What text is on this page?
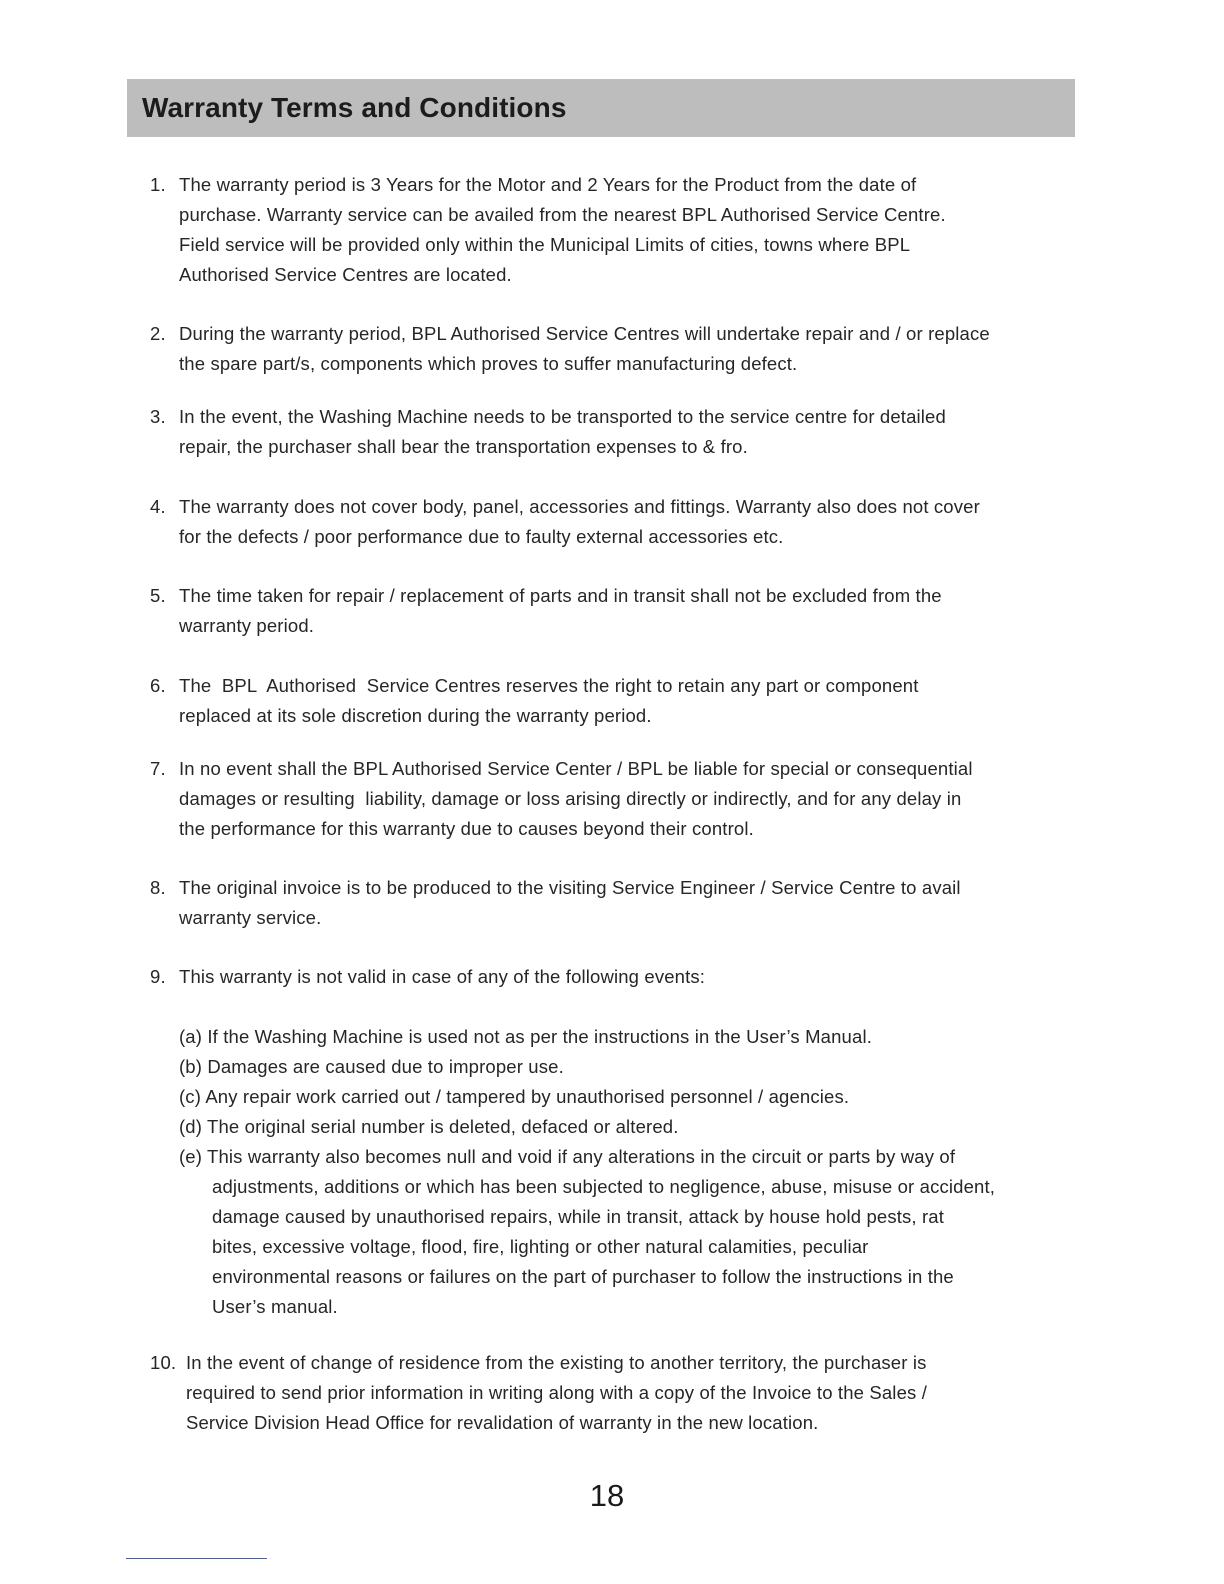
Warranty Terms and Conditions
1. The warranty period is 3 Years for the Motor and 2 Years for the Product from the date of
purchase. Warranty service can be availed from the nearest BPL Authorised Service Centre.
Field service will be provided only within the Municipal Limits of cities, towns where BPL
Authorised Service Centres are located.
2. During the warranty period, BPL Authorised Service Centres will undertake repair and / or replace
the spare part/s, components which proves to suffer manufacturing defect.
3. In the event, the Washing Machine needs to be transported to the service centre for detailed
repair, the purchaser shall bear the transportation expenses to & fro.
4. The warranty does not cover body, panel, accessories and fittings. Warranty also does not cover
for the defects / poor performance due to faulty external accessories etc.
5. The time taken for repair / replacement of parts and in transit shall not be excluded from the
warranty period.
6. The  BPL  Authorised  Service Centres reserves the right to retain any part or component
replaced at its sole discretion during the warranty period.
7. In no event shall the BPL Authorised Service Center / BPL be liable for special or consequential
damages or resulting  liability, damage or loss arising directly or indirectly, and for any delay in
the performance for this warranty due to causes beyond their control.
8. The original invoice is to be produced to the visiting Service Engineer / Service Centre to avail
warranty service.
9. This warranty is not valid in case of any of the following events:
(a) If the Washing Machine is used not as per the instructions in the User’s Manual.
(b) Damages are caused due to improper use.
(c) Any repair work carried out / tampered by unauthorised personnel / agencies.
(d) The original serial number is deleted, defaced or altered.
(e) This warranty also becomes null and void if any alterations in the circuit or parts by way of
adjustments, additions or which has been subjected to negligence, abuse, misuse or accident,
damage caused by unauthorised repairs, while in transit, attack by house hold pests, rat
bites, excessive voltage, flood, fire, lighting or other natural calamities, peculiar
environmental reasons or failures on the part of purchaser to follow the instructions in the
User’s manual.
10. In the event of change of residence from the existing to another territory, the purchaser is
required to send prior information in writing along with a copy of the Invoice to the Sales /
Service Division Head Office for revalidation of warranty in the new location.
18
